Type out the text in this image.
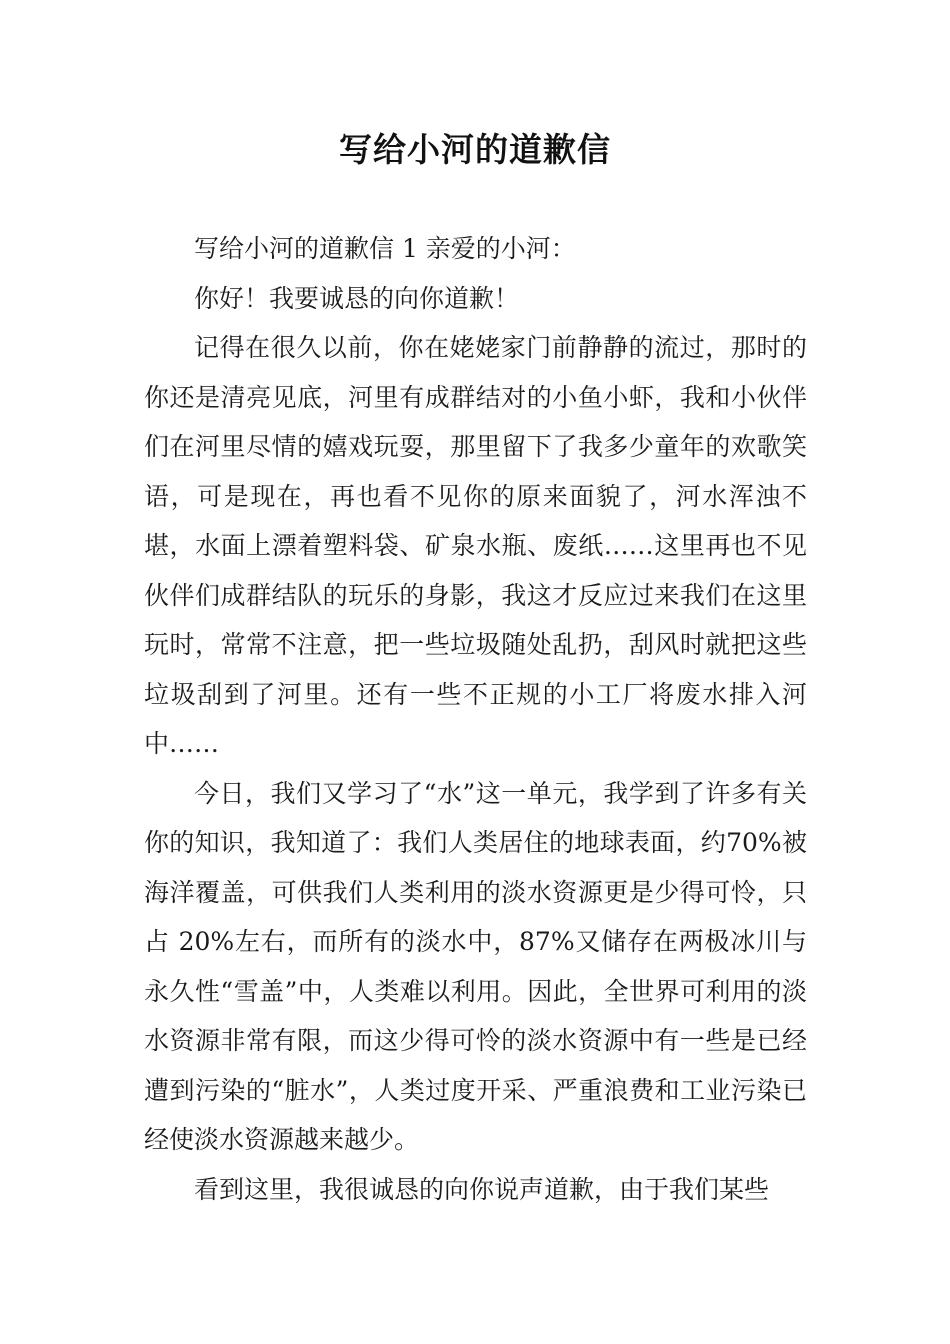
写给小河的道歉信

写给小河的道歉信 1 亲爱的小河：

你好！我要诚恳的向你道歉！

记得在很久以前，你在姥姥家门前静静的流过，那时的你还是清亮见底，河里有成群结对的小鱼小虾，我和小伙伴们在河里尽情的嬉戏玩耍，那里留下了我多少童年的欢歌笑语，可是现在，再也看不见你的原来面貌了，河水浑浊不堪，水面上漂着塑料袋、矿泉水瓶、废纸……这里再也不见伙伴们成群结队的玩乐的身影，我这才反应过来我们在这里玩时，常常不注意，把一些垃圾随处乱扔，刮风时就把这些垃圾刮到了河里。还有一些不正规的小工厂将废水排入河中……

今日，我们又学习了“水”这一单元，我学到了许多有关你的知识，我知道了：我们人类居住的地球表面，约70%被海洋覆盖，可供我们人类利用的淡水资源更是少得可怜，只占 20%左右，而所有的淡水中，87%又储存在两极冰川与永久性“雪盖”中，人类难以利用。因此，全世界可利用的淡水资源非常有限，而这少得可怜的淡水资源中有一些是已经遭到污染的“脏水”，人类过度开采、严重浪费和工业污染已经使淡水资源越来越少。

看到这里，我很诚恳的向你说声道歉，由于我们某些
